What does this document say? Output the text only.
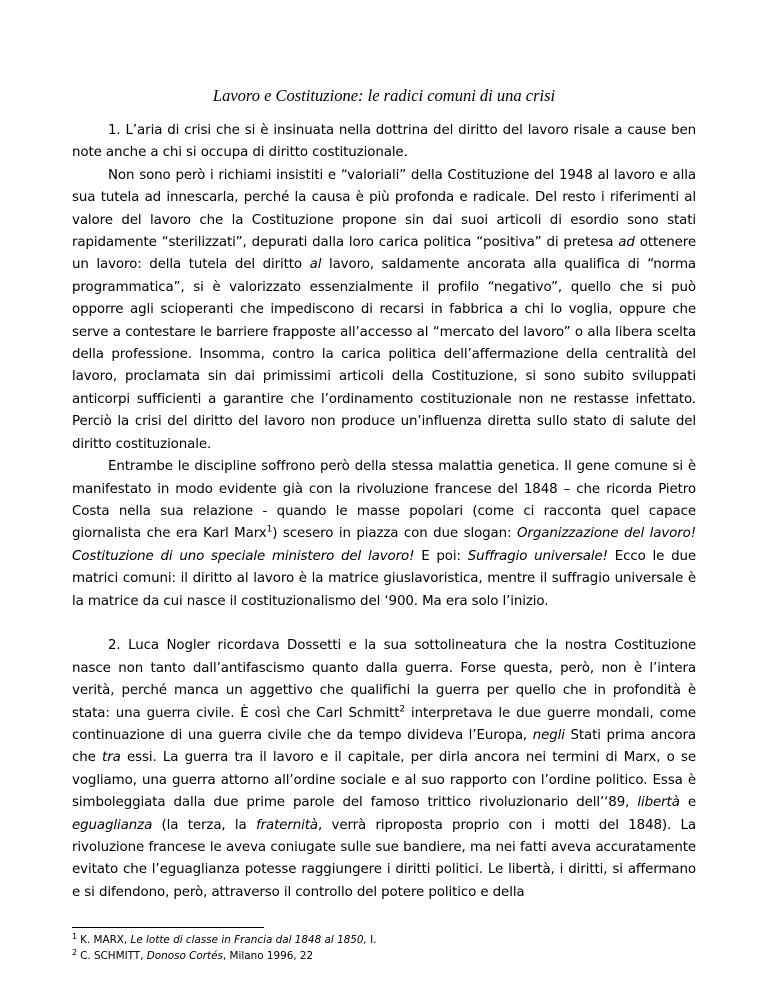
Lavoro e Costituzione: le radici comuni di una crisi

1. L’aria di crisi che si è insinuata nella dottrina del diritto del lavoro risale a cause ben note anche a chi si occupa di diritto costituzionale.

Non sono però i richiami insistiti e “valoriali” della Costituzione del 1948 al lavoro e alla sua tutela ad innescarla, perché la causa è più profonda e radicale. Del resto i riferimenti al valore del lavoro che la Costituzione propone sin dai suoi articoli di esordio sono stati rapidamente “sterilizzati”, depurati dalla loro carica politica “positiva” di pretesa ad ottenere un lavoro: della tutela del diritto al lavoro, saldamente ancorata alla qualifica di “norma programmatica”, si è valorizzato essenzialmente il profilo “negativo”, quello che si può opporre agli scioperanti che impediscono di recarsi in fabbrica a chi lo voglia, oppure che serve a contestare le barriere frapposte all’accesso al “mercato del lavoro” o alla libera scelta della professione. Insomma, contro la carica politica dell’affermazione della centralità del lavoro, proclamata sin dai primissimi articoli della Costituzione, si sono subito sviluppati anticorpi sufficienti a garantire che l’ordinamento costituzionale non ne restasse infettato. Perciò la crisi del diritto del lavoro non produce un’influenza diretta sullo stato di salute del diritto costituzionale.

Entrambe le discipline soffrono però della stessa malattia genetica. Il gene comune si è manifestato in modo evidente già con la rivoluzione francese del 1848 – che ricorda Pietro Costa nella sua relazione - quando le masse popolari (come ci racconta quel capace giornalista che era Karl Marx$^1$) scesero in piazza con due slogan: Organizzazione del lavoro! Costituzione di uno speciale ministero del lavoro! E poi: Suffragio universale! Ecco le due matrici comuni: il diritto al lavoro è la matrice giuslavoristica, mentre il suffragio universale è la matrice da cui nasce il costituzionalismo del ‘900. Ma era solo l’inizio.

2. Luca Nogler ricordava Dossetti e la sua sottolineatura che la nostra Costituzione nasce non tanto dall’antifascismo quanto dalla guerra. Forse questa, però, non è l’intera verità, perché manca un aggettivo che qualifichi la guerra per quello che in profondità è stata: una guerra civile. È così che Carl Schmitt$^2$ interpretava le due guerre mondali, come continuazione di una guerra civile che da tempo divideva l’Europa, negli Stati prima ancora che tra essi. La guerra tra il lavoro e il capitale, per dirla ancora nei termini di Marx, o se vogliamo, una guerra attorno all’ordine sociale e al suo rapporto con l’ordine politico. Essa è simboleggiata dalla due prime parole del famoso trittico rivoluzionario dell’‘89, libertà e eguaglianza (la terza, la fraternità, verrà riproposta proprio con i motti del 1848). La rivoluzione francese le aveva coniugate sulle sue bandiere, ma nei fatti aveva accuratamente evitato che l’eguaglianza potesse raggiungere i diritti politici. Le libertà, i diritti, si affermano e si difendono, però, attraverso il controllo del potere politico e della

$^1$ K. MARX, Le lotte di classe in Francia dal 1848 al 1850, I.
$^2$ C. SCHMITT, Donoso Cortés, Milano 1996, 22
